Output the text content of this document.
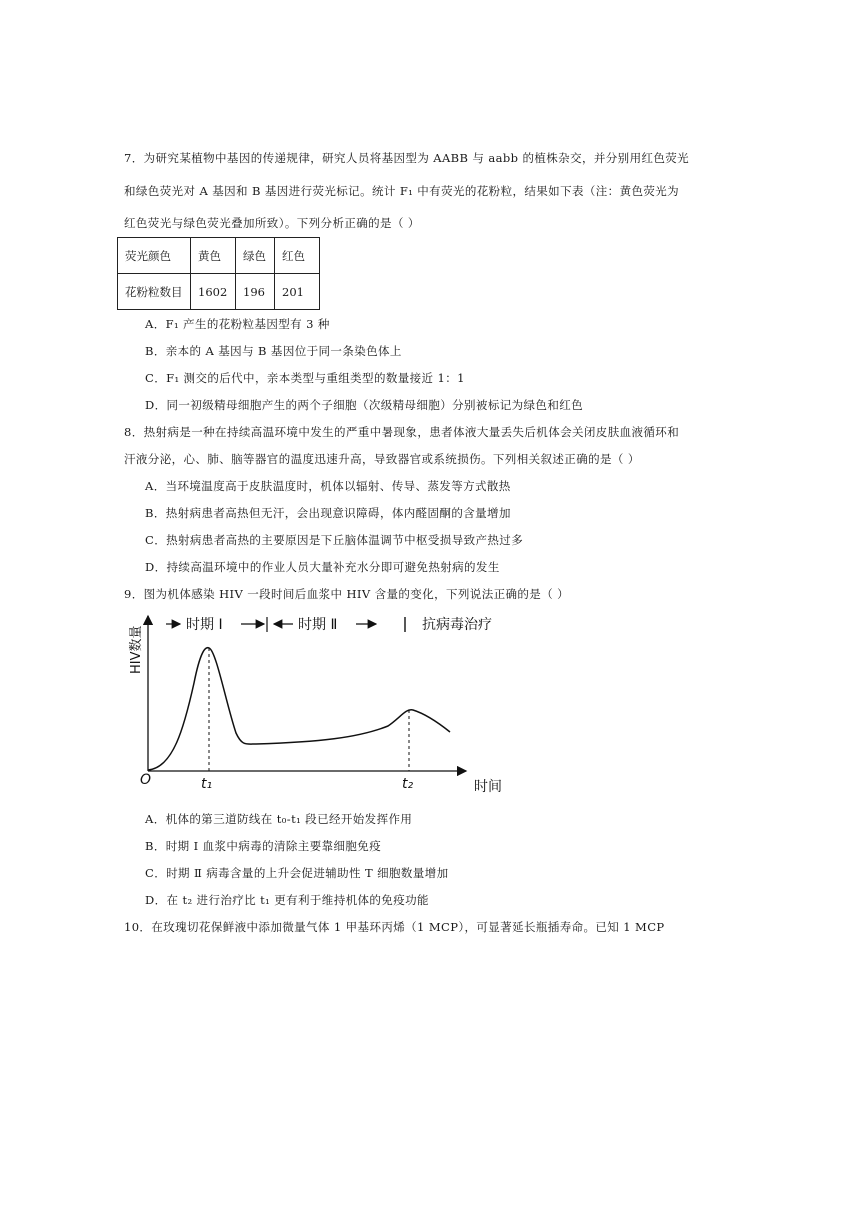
7．为研究某植物中基因的传递规律，研究人员将基因型为 AABB 与 aabb 的植株杂交，并分别用红色荧光
和绿色荧光对 A 基因和 B 基因进行荧光标记。统计 F₁ 中有荧光的花粉粒，结果如下表（注：黄色荧光为
红色荧光与绿色荧光叠加所致）。下列分析正确的是（ ）
荧光颜色	黄色	绿色	红色
花粉粒数目	1602	196	201
A．F₁ 产生的花粉粒基因型有 3 种
B．亲本的 A 基因与 B 基因位于同一条染色体上
C．F₁ 测交的后代中，亲本类型与重组类型的数量接近 1：1
D．同一初级精母细胞产生的两个子细胞（次级精母细胞）分别被标记为绿色和红色
8．热射病是一种在持续高温环境中发生的严重中暑现象，患者体液大量丢失后机体会关闭皮肤血液循环和
汗液分泌，心、肺、脑等器官的温度迅速升高，导致器官或系统损伤。下列相关叙述正确的是（ ）
A．当环境温度高于皮肤温度时，机体以辐射、传导、蒸发等方式散热
B．热射病患者高热但无汗，会出现意识障碍，体内醛固酮的含量增加
C．热射病患者高热的主要原因是下丘脑体温调节中枢受损导致产热过多
D．持续高温环境中的作业人员大量补充水分即可避免热射病的发生
9．图为机体感染 HIV 一段时间后血浆中 HIV 含量的变化，下列说法正确的是（ ）
时期 Ⅰ	时期 Ⅱ	抗病毒治疗
HIV数量
时间
O	t₁	t₂
A．机体的第三道防线在 t₀-t₁ 段已经开始发挥作用
B．时期 Ⅰ 血浆中病毒的清除主要靠细胞免疫
C．时期 Ⅱ 病毒含量的上升会促进辅助性 T 细胞数量增加
D．在 t₂ 进行治疗比 t₁ 更有利于维持机体的免疫功能
10．在玫瑰切花保鲜液中添加微量气体 1 甲基环丙烯（1 MCP），可显著延长瓶插寿命。已知 1 MCP
